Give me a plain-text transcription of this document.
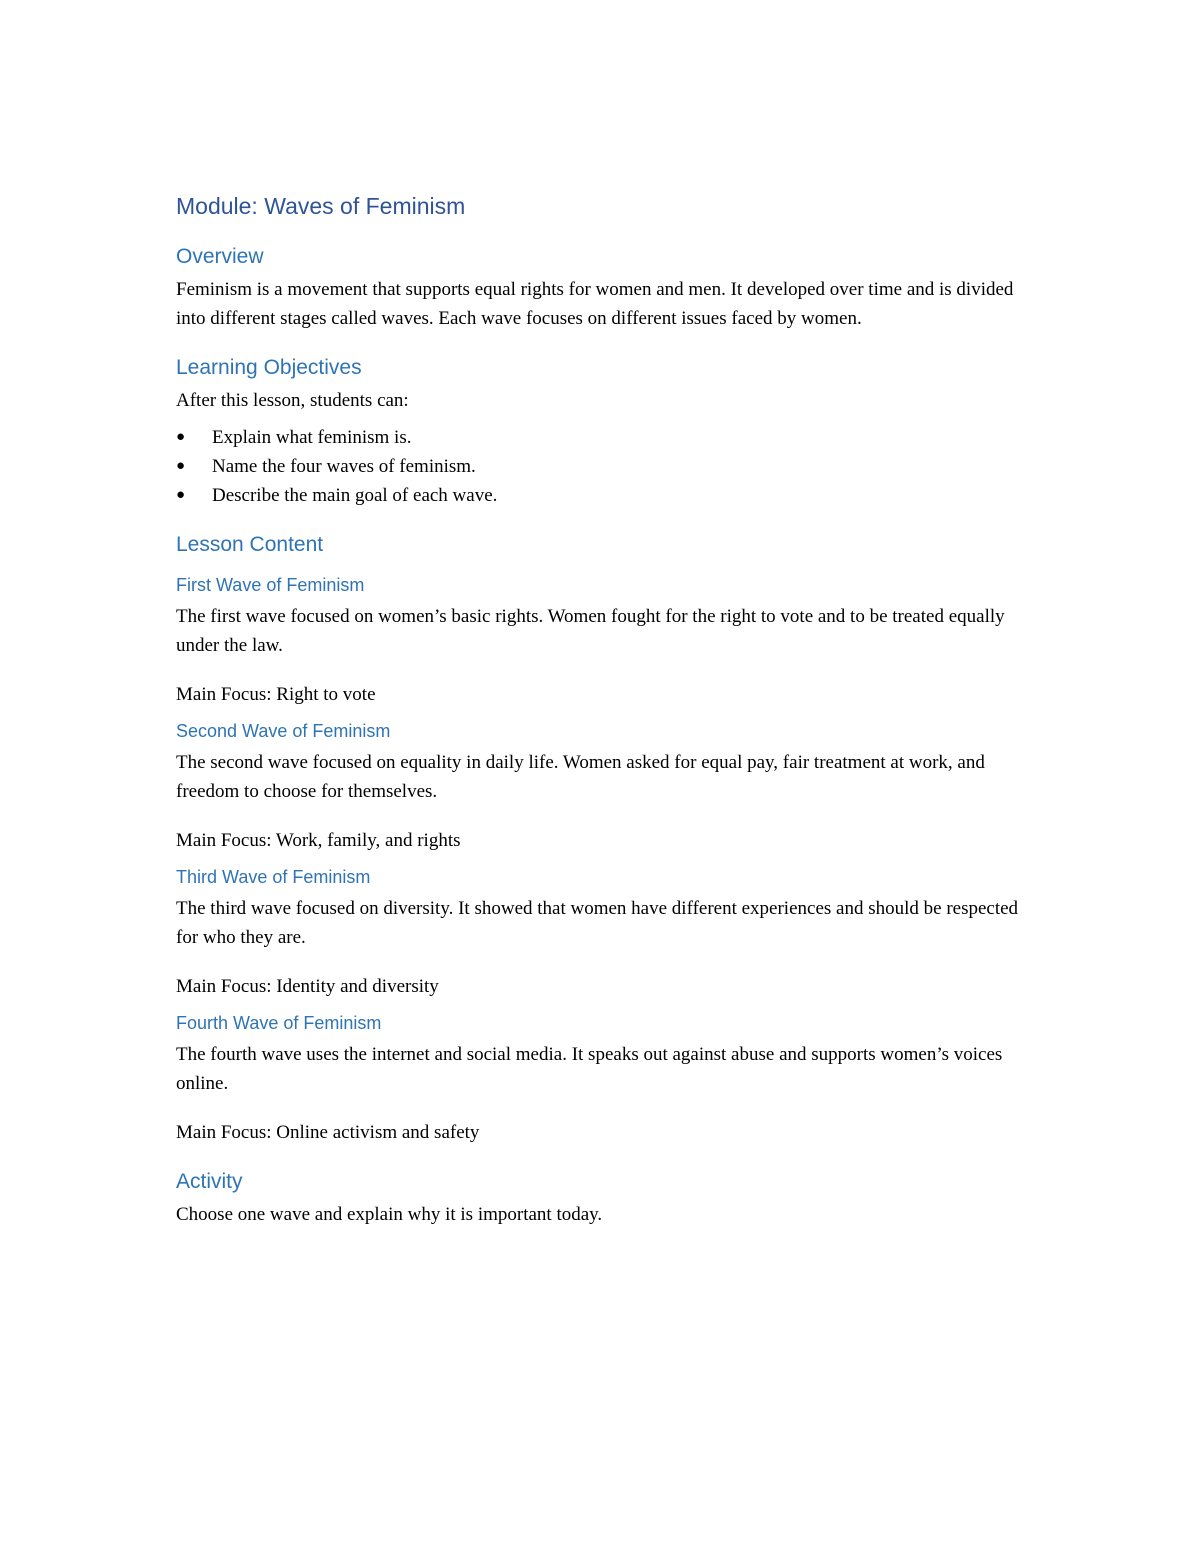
Module: Waves of Feminism
Overview

Feminism is a movement that supports equal rights for women and men. It developed over time and is divided into different stages called waves. Each wave focuses on different issues faced by women.

Learning Objectives

After this lesson, students can:

● Explain what feminism is.
● Name the four waves of feminism.
● Describe the main goal of each wave.
Lesson Content
First Wave of Feminism

The first wave focused on women’s basic rights. Women fought for the right to vote and to be treated equally under the law.

Main Focus: Right to vote

Second Wave of Feminism

The second wave focused on equality in daily life. Women asked for equal pay, fair treatment at work, and freedom to choose for themselves.

Main Focus: Work, family, and rights

Third Wave of Feminism

The third wave focused on diversity. It showed that women have different experiences and should be respected for who they are.

Main Focus: Identity and diversity

Fourth Wave of Feminism

The fourth wave uses the internet and social media. It speaks out against abuse and supports women’s voices online.

Main Focus: Online activism and safety

Activity

Choose one wave and explain why it is important today.
